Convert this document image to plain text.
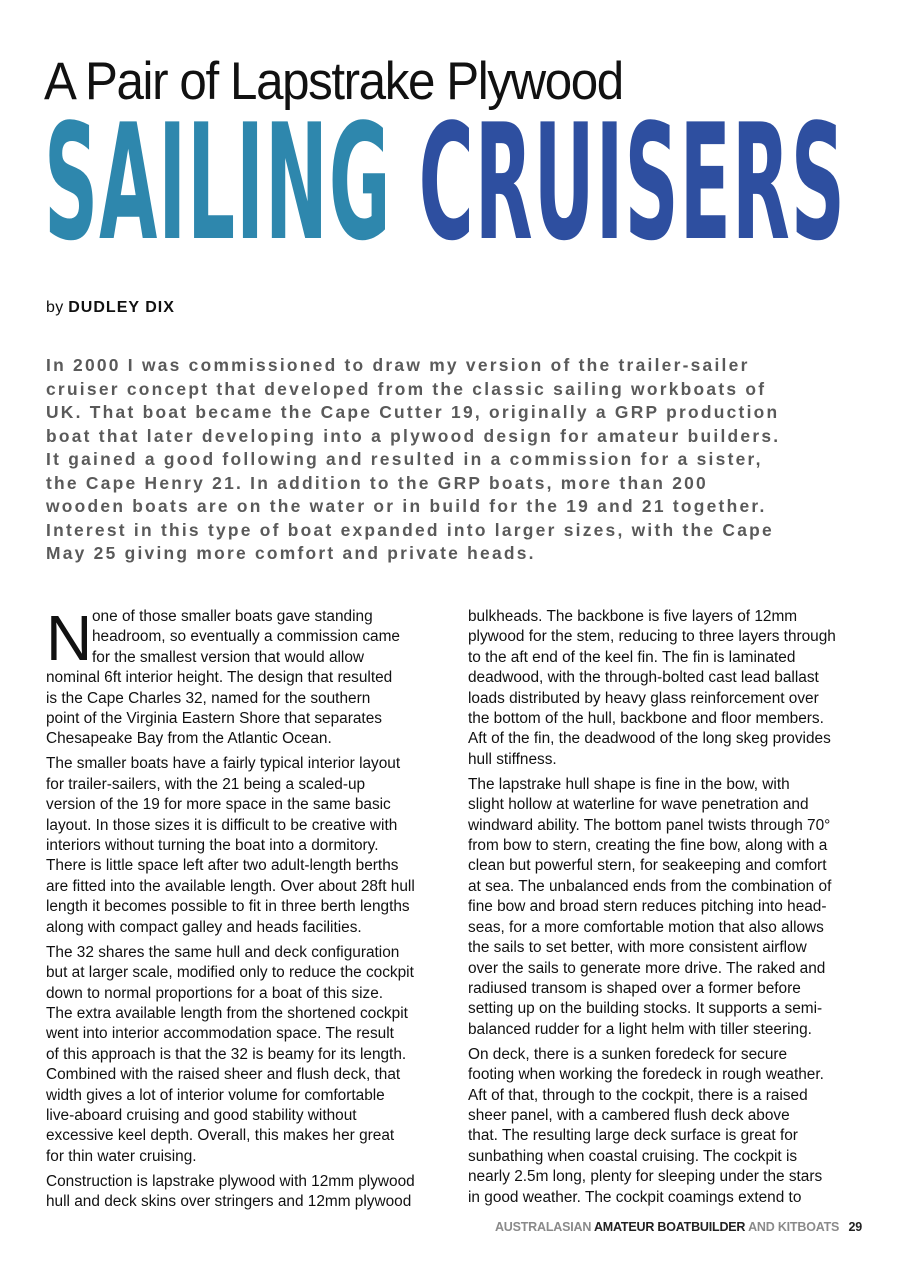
A Pair of Lapstrake Plywood
SAILING CRUISERS
by DUDLEY DIX
In 2000 I was commissioned to draw my version of the trailer-sailer
cruiser concept that developed from the classic sailing workboats of
UK. That boat became the Cape Cutter 19, originally a GRP production
boat that later developing into a plywood design for amateur builders.
It gained a good following and resulted in a commission for a sister,
the Cape Henry 21. In addition to the GRP boats, more than 200
wooden boats are on the water or in build for the 19 and 21 together.
Interest in this type of boat expanded into larger sizes, with the Cape
May 25 giving more comfort and private heads.
N one of those smaller boats gave standing
headroom, so eventually a commission came
for the smallest version that would allow
nominal 6ft interior height. The design that resulted
is the Cape Charles 32, named for the southern
point of the Virginia Eastern Shore that separates
Chesapeake Bay from the Atlantic Ocean.
The smaller boats have a fairly typical interior layout
for trailer-sailers, with the 21 being a scaled-up
version of the 19 for more space in the same basic
layout. In those sizes it is difficult to be creative with
interiors without turning the boat into a dormitory.
There is little space left after two adult-length berths
are fitted into the available length. Over about 28ft hull
length it becomes possible to fit in three berth lengths
along with compact galley and heads facilities.
The 32 shares the same hull and deck configuration
but at larger scale, modified only to reduce the cockpit
down to normal proportions for a boat of this size.
The extra available length from the shortened cockpit
went into interior accommodation space. The result
of this approach is that the 32 is beamy for its length.
Combined with the raised sheer and flush deck, that
width gives a lot of interior volume for comfortable
live-aboard cruising and good stability without
excessive keel depth. Overall, this makes her great
for thin water cruising.
Construction is lapstrake plywood with 12mm plywood
hull and deck skins over stringers and 12mm plywood
bulkheads. The backbone is five layers of 12mm
plywood for the stem, reducing to three layers through
to the aft end of the keel fin. The fin is laminated
deadwood, with the through-bolted cast lead ballast
loads distributed by heavy glass reinforcement over
the bottom of the hull, backbone and floor members.
Aft of the fin, the deadwood of the long skeg provides
hull stiffness.
The lapstrake hull shape is fine in the bow, with
slight hollow at waterline for wave penetration and
windward ability. The bottom panel twists through 70°
from bow to stern, creating the fine bow, along with a
clean but powerful stern, for seakeeping and comfort
at sea. The unbalanced ends from the combination of
fine bow and broad stern reduces pitching into head-
seas, for a more comfortable motion that also allows
the sails to set better, with more consistent airflow
over the sails to generate more drive. The raked and
radiused transom is shaped over a former before
setting up on the building stocks. It supports a semi-
balanced rudder for a light helm with tiller steering.
On deck, there is a sunken foredeck for secure
footing when working the foredeck in rough weather.
Aft of that, through to the cockpit, there is a raised
sheer panel, with a cambered flush deck above
that. The resulting large deck surface is great for
sunbathing when coastal cruising. The cockpit is
nearly 2.5m long, plenty for sleeping under the stars
in good weather. The cockpit coamings extend to
AUSTRALASIAN AMATEUR BOATBUILDER AND KITBOATS 29
